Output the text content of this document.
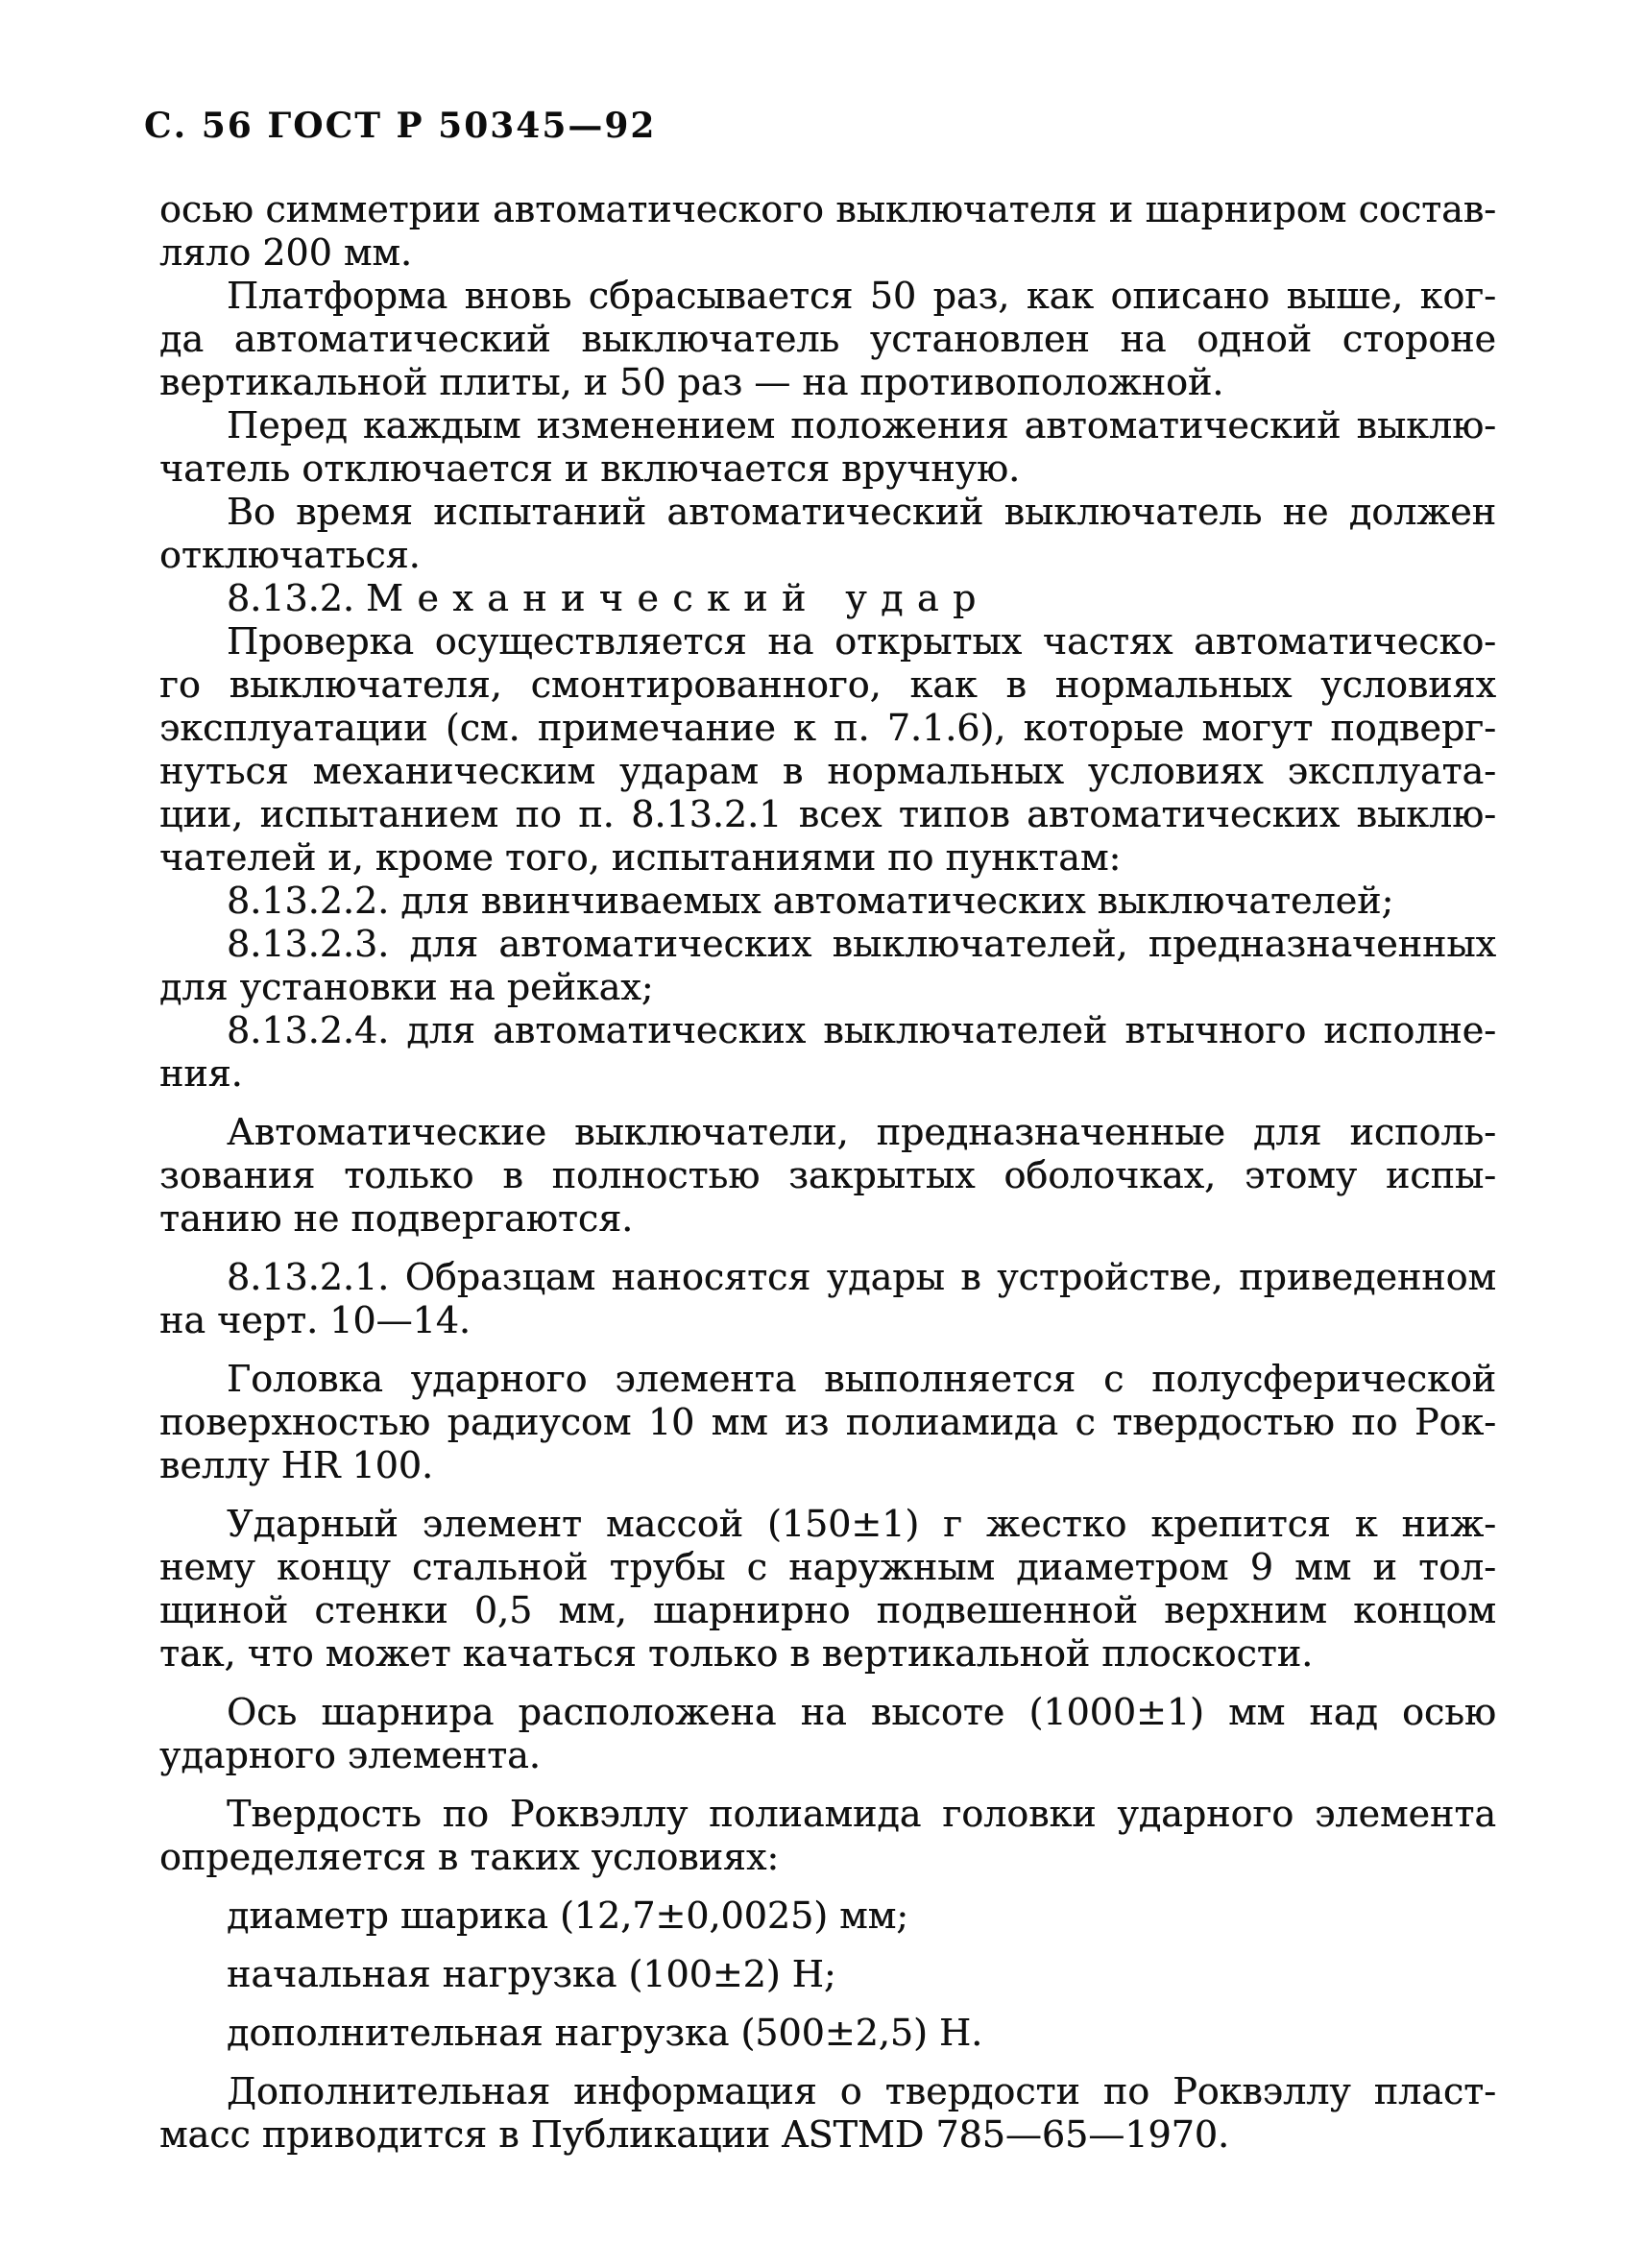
С. 56 ГОСТ Р 50345—92
осью симметрии автоматического выключателя и шарниром состав-
ляло 200 мм.
Платформа вновь сбрасывается 50 раз, как описано выше, ког-
да автоматический выключатель установлен на одной стороне
вертикальной плиты, и 50 раз — на противоположной.
Перед каждым изменением положения автоматический выклю-
чатель отключается и включается вручную.
Во время испытаний автоматический выключатель не должен
отключаться.
8.13.2. Механический удар
Проверка осуществляется на открытых частях автоматическо-
го выключателя, смонтированного, как в нормальных условиях
эксплуатации (см. примечание к п. 7.1.6), которые могут подверг-
нуться механическим ударам в нормальных условиях эксплуата-
ции, испытанием по п. 8.13.2.1 всех типов автоматических выклю-
чателей и, кроме того, испытаниями по пунктам:
8.13.2.2. для ввинчиваемых автоматических выключателей;
8.13.2.3. для автоматических выключателей, предназначенных
для установки на рейках;
8.13.2.4. для автоматических выключателей втычного исполне-
ния.
Автоматические выключатели, предназначенные для исполь-
зования только в полностью закрытых оболочках, этому испы-
танию не подвергаются.
8.13.2.1. Образцам наносятся удары в устройстве, приведенном
на черт. 10—14.
Головка ударного элемента выполняется с полусферической
поверхностью радиусом 10 мм из полиамида с твердостью по Рок-
веллу HR 100.
Ударный элемент массой (150±1) г жестко крепится к ниж-
нему концу стальной трубы с наружным диаметром 9 мм и тол-
щиной стенки 0,5 мм, шарнирно подвешенной верхним концом
так, что может качаться только в вертикальной плоскости.
Ось шарнира расположена на высоте (1000±1) мм над осью
ударного элемента.
Твердость по Роквэллу полиамида головки ударного элемента
определяется в таких условиях:
диаметр шарика (12,7±0,0025) мм;
начальная нагрузка (100±2) Н;
дополнительная нагрузка (500±2,5) Н.
Дополнительная информация о твердости по Роквэллу пласт-
масс приводится в Публикации ASTMD 785—65—1970.
